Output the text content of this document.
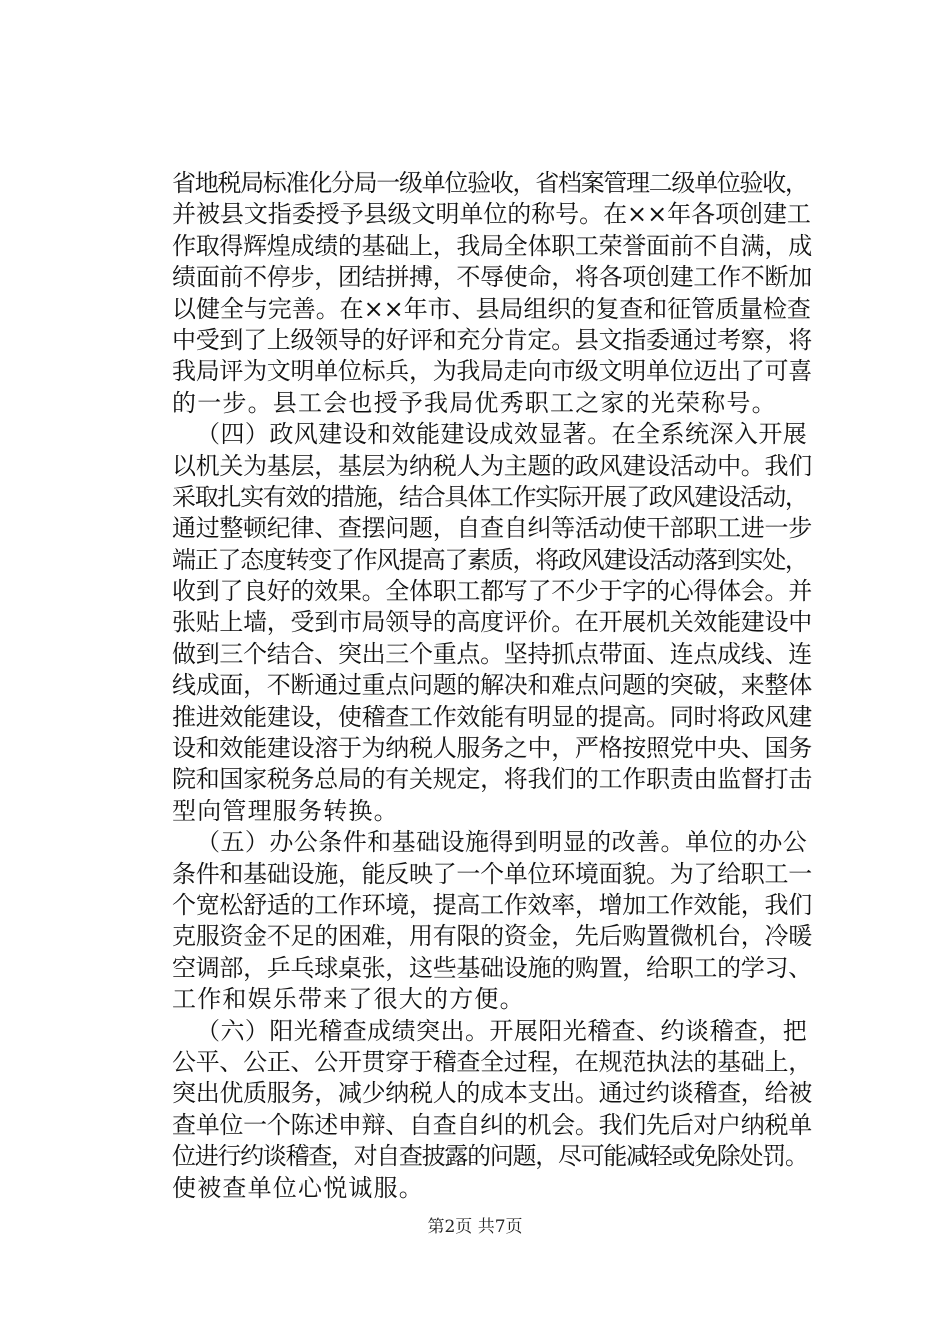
省地税局标准化分局一级单位验收，省档案管理二级单位验收，
并被县文指委授予县级文明单位的称号。在××年各项创建工
作取得辉煌成绩的基础上，我局全体职工荣誉面前不自满，成
绩面前不停步，团结拼搏，不辱使命，将各项创建工作不断加
以健全与完善。在××年市、县局组织的复查和征管质量检查
中受到了上级领导的好评和充分肯定。县文指委通过考察，将
我局评为文明单位标兵，为我局走向市级文明单位迈出了可喜
的一步。县工会也授予我局优秀职工之家的光荣称号。
（四）政风建设和效能建设成效显著。在全系统深入开展
以机关为基层，基层为纳税人为主题的政风建设活动中。我们
采取扎实有效的措施，结合具体工作实际开展了政风建设活动，
通过整顿纪律、查摆问题，自查自纠等活动使干部职工进一步
端正了态度转变了作风提高了素质，将政风建设活动落到实处，
收到了良好的效果。全体职工都写了不少于字的心得体会。并
张贴上墙，受到市局领导的高度评价。在开展机关效能建设中
做到三个结合、突出三个重点。坚持抓点带面、连点成线、连
线成面，不断通过重点问题的解决和难点问题的突破，来整体
推进效能建设，使稽查工作效能有明显的提高。同时将政风建
设和效能建设溶于为纳税人服务之中，严格按照党中央、国务
院和国家税务总局的有关规定，将我们的工作职责由监督打击
型向管理服务转换。
（五）办公条件和基础设施得到明显的改善。单位的办公
条件和基础设施，能反映了一个单位环境面貌。为了给职工一
个宽松舒适的工作环境，提高工作效率，增加工作效能，我们
克服资金不足的困难，用有限的资金，先后购置微机台，冷暖
空调部，乒乓球桌张，这些基础设施的购置，给职工的学习、
工作和娱乐带来了很大的方便。
（六）阳光稽查成绩突出。开展阳光稽查、约谈稽查，把
公平、公正、公开贯穿于稽查全过程，在规范执法的基础上，
突出优质服务，减少纳税人的成本支出。通过约谈稽查，给被
查单位一个陈述申辩、自查自纠的机会。我们先后对户纳税单
位进行约谈稽查，对自查披露的问题，尽可能减轻或免除处罚。
使被查单位心悦诚服。
第2页 共7页
